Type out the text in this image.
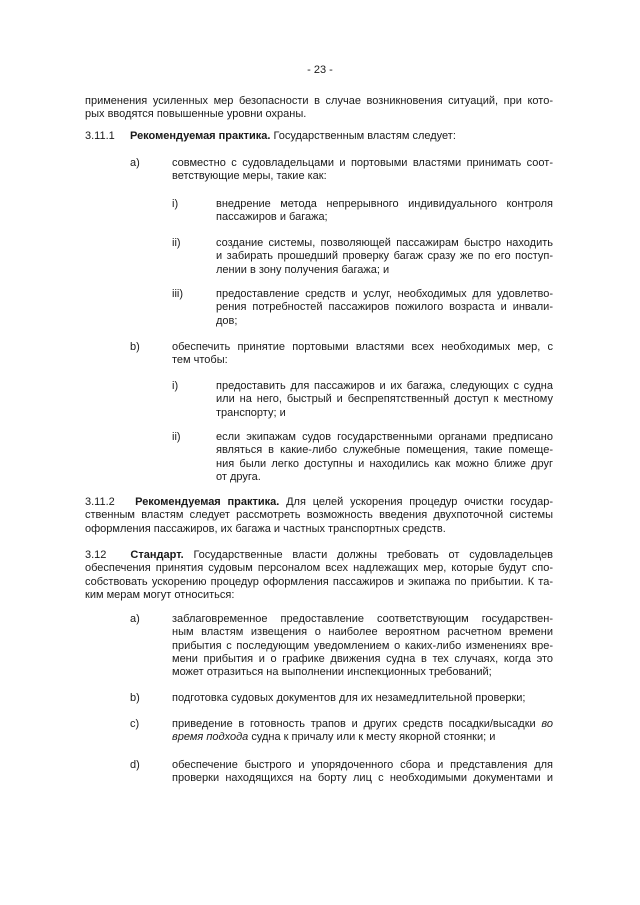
- 23 -
применения усиленных мер безопасности в случае возникновения ситуаций, при кото-
рых вводятся повышенные уровни охраны.
3.11.1 Рекомендуемая практика. Государственным властям следует:
a)	совместно с судовладельцами и портовыми властями принимать соот-
ветствующие меры, такие как:
i)	внедрение метода непрерывного индивидуального контроля
пассажиров и багажа;
ii)	создание системы, позволяющей пассажирам быстро находить
и забирать прошедший проверку багаж сразу же по его поступ-
лении в зону получения багажа; и
iii)	предоставление средств и услуг, необходимых для удовлетво-
рения потребностей пассажиров пожилого возраста и инвали-
дов;
b)	обеспечить принятие портовыми властями всех необходимых мер, с
тем чтобы:
i)	предоставить для пассажиров и их багажа, следующих с судна
или на него, быстрый и беспрепятственный доступ к местному
транспорту; и
ii)	если экипажам судов государственными органами предписано
являться в какие-либо служебные помещения, такие помеще-
ния были легко доступны и находились как можно ближе друг
от друга.
3.11.2 Рекомендуемая практика. Для целей ускорения процедур очистки государ-
ственным властям следует рассмотреть возможность введения двухпоточной системы
оформления пассажиров, их багажа и частных транспортных средств.
3.12 Стандарт. Государственные власти должны требовать от судовладельцев
обеспечения принятия судовым персоналом всех надлежащих мер, которые будут спо-
собствовать ускорению процедур оформления пассажиров и экипажа по прибытии. К та-
ким мерам могут относиться:
a)	заблаговременное предоставление соответствующим государствен-
ным властям извещения о наиболее вероятном расчетном времени
прибытия с последующим уведомлением о каких-либо изменениях вре-
мени прибытия и о графике движения судна в тех случаях, когда это
может отразиться на выполнении инспекционных требований;
b)	подготовка судовых документов для их незамедлительной проверки;
c)	приведение в готовность трапов и других средств посадки/высадки во
время подхода судна к причалу или к месту якорной стоянки; и
d)	обеспечение быстрого и упорядоченного сбора и представления для
проверки находящихся на борту лиц с необходимыми документами и
